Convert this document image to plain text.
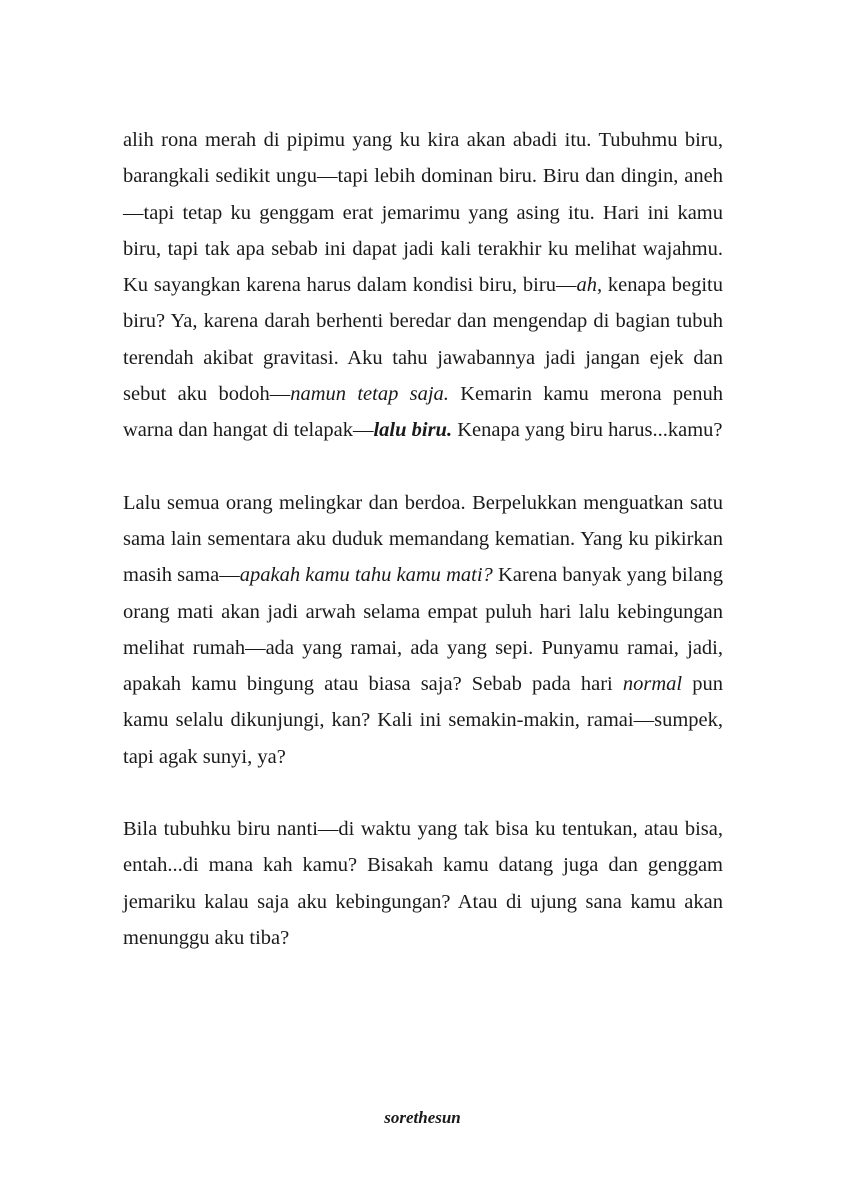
alih rona merah di pipimu yang ku kira akan abadi itu. Tubuhmu biru, barangkali sedikit ungu—tapi lebih dominan biru. Biru dan dingin, aneh—tapi tetap ku genggam erat jemarimu yang asing itu. Hari ini kamu biru, tapi tak apa sebab ini dapat jadi kali terakhir ku melihat wajahmu. Ku sayangkan karena harus dalam kondisi biru, biru—ah, kenapa begitu biru? Ya, karena darah berhenti beredar dan mengendap di bagian tubuh terendah akibat gravitasi. Aku tahu jawabannya jadi jangan ejek dan sebut aku bodoh—namun tetap saja. Kemarin kamu merona penuh warna dan hangat di telapak—lalu biru. Kenapa yang biru harus...kamu?

Lalu semua orang melingkar dan berdoa. Berpelukkan menguatkan satu sama lain sementara aku duduk memandang kematian. Yang ku pikirkan masih sama—apakah kamu tahu kamu mati? Karena banyak yang bilang orang mati akan jadi arwah selama empat puluh hari lalu kebingungan melihat rumah—ada yang ramai, ada yang sepi. Punyamu ramai, jadi, apakah kamu bingung atau biasa saja? Sebab pada hari normal pun kamu selalu dikunjungi, kan? Kali ini semakin-makin, ramai—sumpek, tapi agak sunyi, ya?

Bila tubuhku biru nanti—di waktu yang tak bisa ku tentukan, atau bisa, entah...di mana kah kamu? Bisakah kamu datang juga dan genggam jemariku kalau saja aku kebingungan? Atau di ujung sana kamu akan menunggu aku tiba?

sorethesun
